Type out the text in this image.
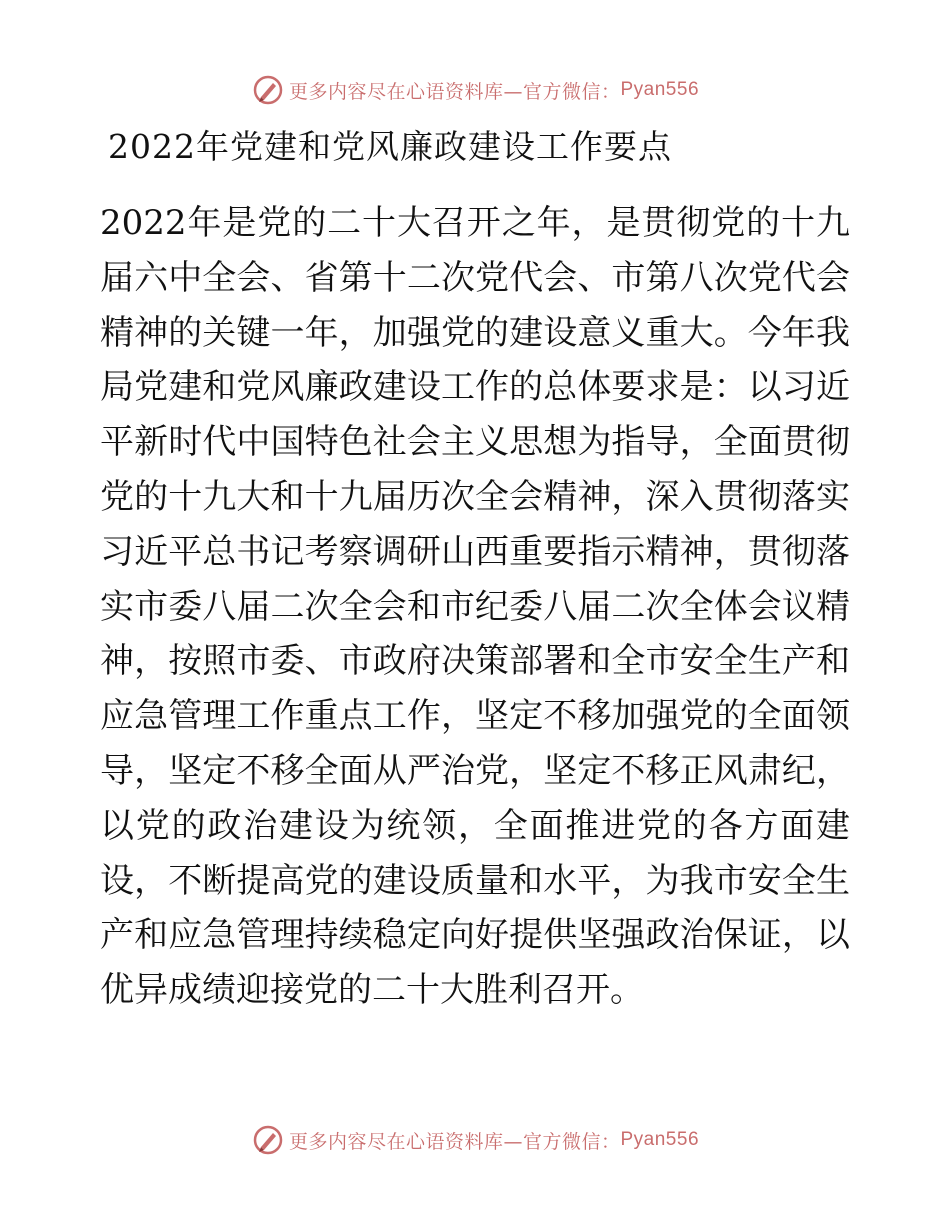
更多内容尽在心语资料库—官方微信： Pyan556
2022年党建和党风廉政建设工作要点
2022年是党的二十大召开之年，是贯彻党的十九
届六中全会、省第十二次党代会、市第八次党代会
精神的关键一年，加强党的建设意义重大。今年我
局党建和党风廉政建设工作的总体要求是：以习近
平新时代中国特色社会主义思想为指导，全面贯彻
党的十九大和十九届历次全会精神，深入贯彻落实
习近平总书记考察调研山西重要指示精神，贯彻落
实市委八届二次全会和市纪委八届二次全体会议精
神，按照市委、市政府决策部署和全市安全生产和
应急管理工作重点工作，坚定不移加强党的全面领
导，坚定不移全面从严治党，坚定不移正风肃纪，
以党的政治建设为统领，全面推进党的各方面建
设，不断提高党的建设质量和水平，为我市安全生
产和应急管理持续稳定向好提供坚强政治保证，以
优异成绩迎接党的二十大胜利召开。
更多内容尽在心语资料库—官方微信： Pyan556
